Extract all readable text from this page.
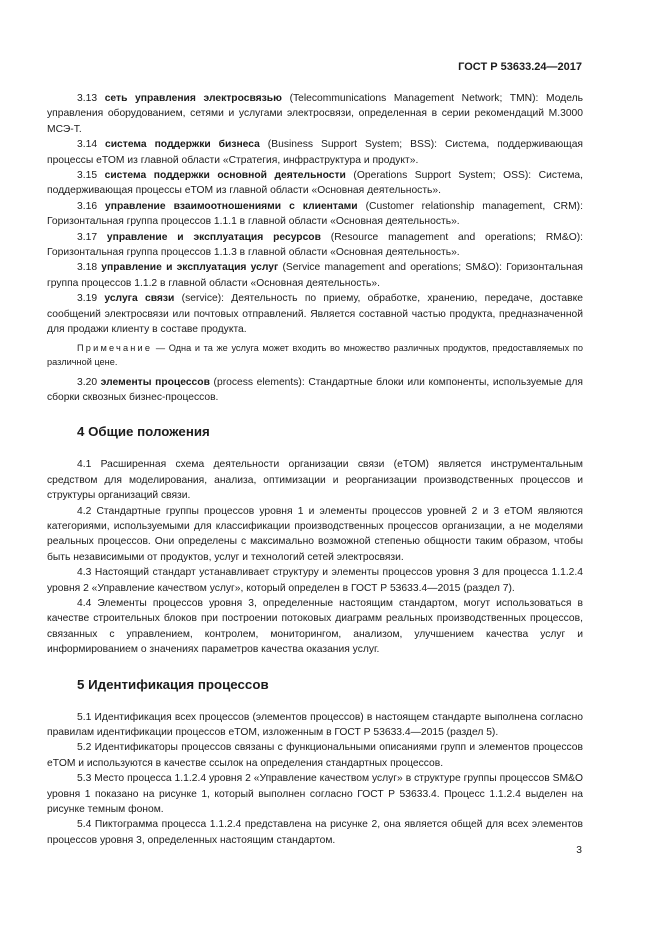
ГОСТ Р 53633.24—2017

3.13 сеть управления электросвязью (Telecommunications Management Network; TMN): Модель управления оборудованием, сетями и услугами электросвязи, определенная в серии рекомендаций М.3000 МСЭ-Т.

3.14 система поддержки бизнеса (Business Support System; BSS): Система, поддерживающая процессы eTOM из главной области «Стратегия, инфраструктура и продукт».

3.15 система поддержки основной деятельности (Operations Support System; OSS): Система, поддерживающая процессы eTOM из главной области «Основная деятельность».

3.16 управление взаимоотношениями с клиентами (Customer relationship management, CRM): Горизонтальная группа процессов 1.1.1 в главной области «Основная деятельность».

3.17 управление и эксплуатация ресурсов (Resource management and operations; RM&O): Горизонтальная группа процессов 1.1.3 в главной области «Основная деятельность».

3.18 управление и эксплуатация услуг (Service management and operations; SM&O): Горизонтальная группа процессов 1.1.2 в главной области «Основная деятельность».

3.19 услуга связи (service): Деятельность по приему, обработке, хранению, передаче, доставке сообщений электросвязи или почтовых отправлений. Является составной частью продукта, предназначенной для продажи клиенту в составе продукта.

Примечание — Одна и та же услуга может входить во множество различных продуктов, предоставляемых по различной цене.

3.20 элементы процессов (process elements): Стандартные блоки или компоненты, используемые для сборки сквозных бизнес-процессов.

4 Общие положения

4.1 Расширенная схема деятельности организации связи (eTOM) является инструментальным средством для моделирования, анализа, оптимизации и реорганизации производственных процессов и структуры организаций связи.

4.2 Стандартные группы процессов уровня 1 и элементы процессов уровней 2 и 3 eTOM являются категориями, используемыми для классификации производственных процессов организации, а не моделями реальных процессов. Они определены с максимально возможной степенью общности таким образом, чтобы быть независимыми от продуктов, услуг и технологий сетей электросвязи.

4.3 Настоящий стандарт устанавливает структуру и элементы процессов уровня 3 для процесса 1.1.2.4 уровня 2 «Управление качеством услуг», который определен в ГОСТ Р 53633.4—2015 (раздел 7).

4.4 Элементы процессов уровня 3, определенные настоящим стандартом, могут использоваться в качестве строительных блоков при построении потоковых диаграмм реальных производственных процессов, связанных с управлением, контролем, мониторингом, анализом, улучшением качества услуг и информированием о значениях параметров качества оказания услуг.

5 Идентификация процессов

5.1 Идентификация всех процессов (элементов процессов) в настоящем стандарте выполнена согласно правилам идентификации процессов eTOM, изложенным в ГОСТ Р 53633.4—2015 (раздел 5).

5.2 Идентификаторы процессов связаны с функциональными описаниями групп и элементов процессов eTOM и используются в качестве ссылок на определения стандартных процессов.

5.3 Место процесса 1.1.2.4 уровня 2 «Управление качеством услуг» в структуре группы процессов SM&O уровня 1 показано на рисунке 1, который выполнен согласно ГОСТ Р 53633.4. Процесс 1.1.2.4 выделен на рисунке темным фоном.

5.4 Пиктограмма процесса 1.1.2.4 представлена на рисунке 2, она является общей для всех элементов процессов уровня 3, определенных настоящим стандартом.

3
